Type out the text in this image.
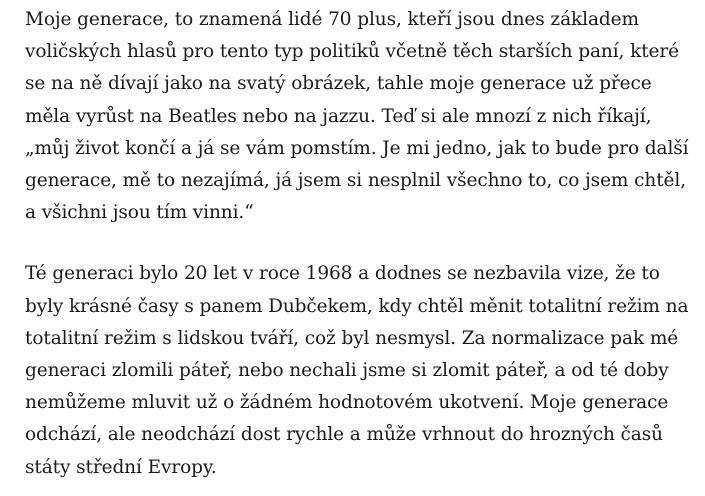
Moje generace, to znamená lidé 70 plus, kteří jsou dnes základem voličských hlasů pro tento typ politiků včetně těch starších paní, které se na ně dívají jako na svatý obrázek, tahle moje generace už přece měla vyrůst na Beatles nebo na jazzu. Teď si ale mnozí z nich říkají, „můj život končí a já se vám pomstím. Je mi jedno, jak to bude pro další generace, mě to nezajímá, já jsem si nesplnil všechno to, co jsem chtěl, a všichni jsou tím vinni.“

Té generaci bylo 20 let v roce 1968 a dodnes se nezbavila vize, že to byly krásné časy s panem Dubčekem, kdy chtěl měnit totalitní režim na totalitní režim s lidskou tváří, což byl nesmysl. Za normalizace pak mé generaci zlomili páteř, nebo nechali jsme si zlomit páteř, a od té doby nemůžeme mluvit už o žádném hodnotovém ukotvení. Moje generace odchází, ale neodchází dost rychle a může vrhnout do hrozných časů státy střední Evropy.
